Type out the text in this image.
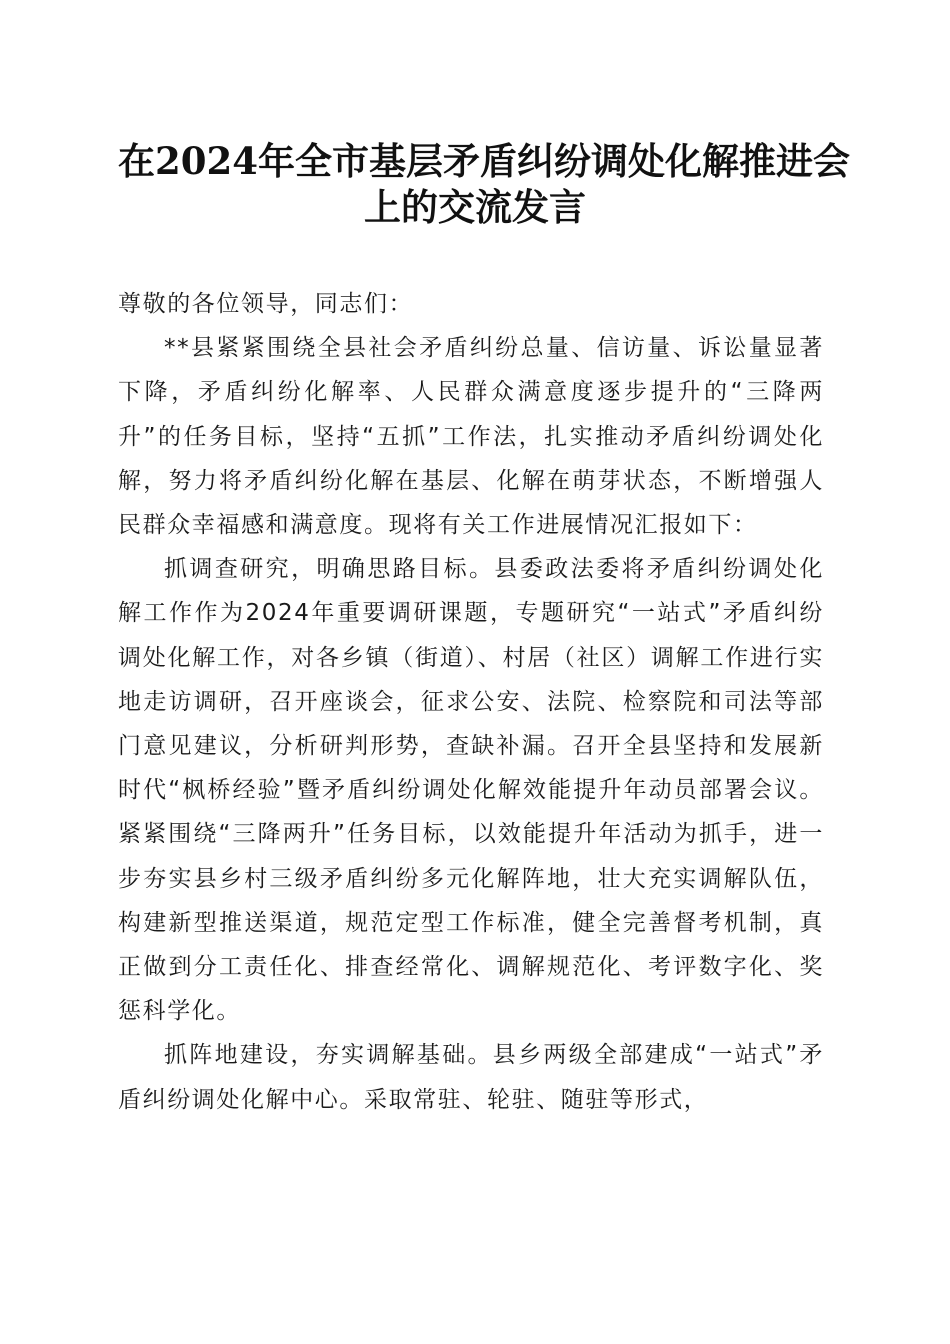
在2024年全市基层矛盾纠纷调处化解推进会
上的交流发言

尊敬的各位领导，同志们：

**县紧紧围绕全县社会矛盾纠纷总量、信访量、诉讼量显著下降，矛盾纠纷化解率、人民群众满意度逐步提升的“三降两升”的任务目标，坚持“五抓”工作法，扎实推动矛盾纠纷调处化解，努力将矛盾纠纷化解在基层、化解在萌芽状态，不断增强人民群众幸福感和满意度。现将有关工作进展情况汇报如下：

抓调查研究，明确思路目标。县委政法委将矛盾纠纷调处化解工作作为2024年重要调研课题，专题研究“一站式”矛盾纠纷调处化解工作，对各乡镇（街道）、村居（社区）调解工作进行实地走访调研，召开座谈会，征求公安、法院、检察院和司法等部门意见建议，分析研判形势，查缺补漏。召开全县坚持和发展新时代“枫桥经验”暨矛盾纠纷调处化解效能提升年动员部署会议。紧紧围绕“三降两升”任务目标，以效能提升年活动为抓手，进一步夯实县乡村三级矛盾纠纷多元化解阵地，壮大充实调解队伍，构建新型推送渠道，规范定型工作标准，健全完善督考机制，真正做到分工责任化、排查经常化、调解规范化、考评数字化、奖惩科学化。

抓阵地建设，夯实调解基础。县乡两级全部建成“一站式”矛盾纠纷调处化解中心。采取常驻、轮驻、随驻等形式，
